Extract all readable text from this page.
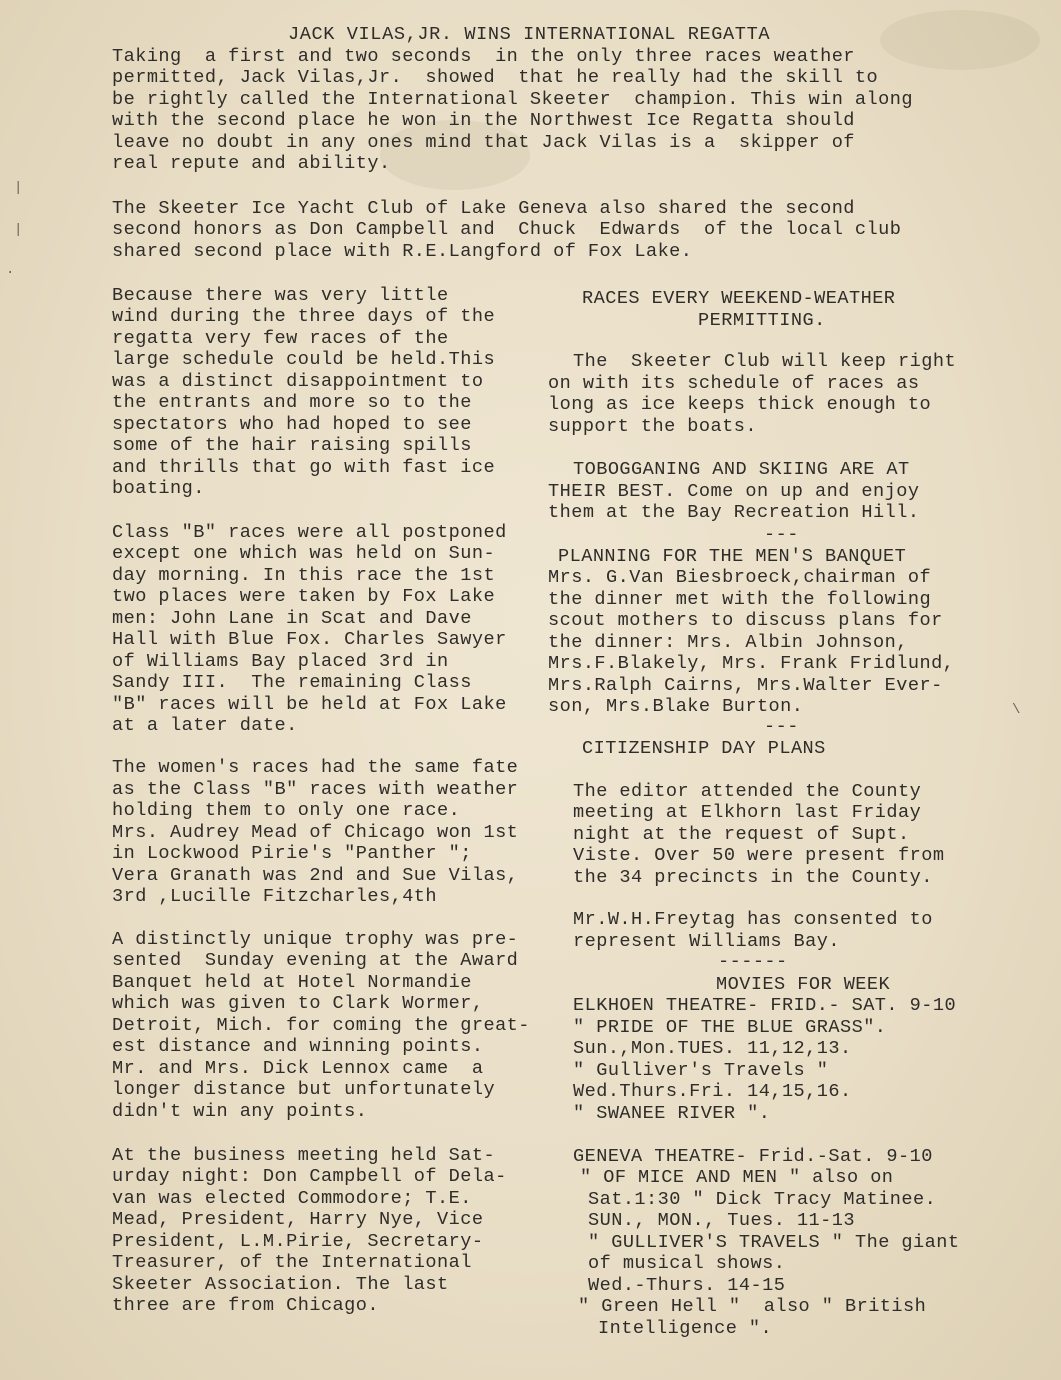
JACK VILAS,JR. WINS INTERNATIONAL REGATTA
Taking  a first and two seconds  in the only three races weather
permitted, Jack Vilas,Jr.  showed  that he really had the skill to
be rightly called the International Skeeter  champion. This win along
with the second place he won in the Northwest Ice Regatta should
leave no doubt in any ones mind that Jack Vilas is a  skipper of
real repute and ability.
The Skeeter Ice Yacht Club of Lake Geneva also shared the second
second honors as Don Campbell and  Chuck  Edwards  of the local club
shared second place with R.E.Langford of Fox Lake.
Because there was very little
wind during the three days of the
regatta very few races of the
large schedule could be held.This
was a distinct disappointment to
the entrants and more so to the
spectators who had hoped to see
some of the hair raising spills
and thrills that go with fast ice
boating.
Class "B" races were all postponed
except one which was held on Sun-
day morning. In this race the 1st
two places were taken by Fox Lake
men: John Lane in Scat and Dave
Hall with Blue Fox. Charles Sawyer
of Williams Bay placed 3rd in
Sandy III.  The remaining Class
"B" races will be held at Fox Lake
at a later date.
The women's races had the same fate
as the Class "B" races with weather
holding them to only one race.
Mrs. Audrey Mead of Chicago won 1st
in Lockwood Pirie's "Panther ";
Vera Granath was 2nd and Sue Vilas,
3rd ,Lucille Fitzcharles,4th
A distinctly unique trophy was pre-
sented  Sunday evening at the Award
Banquet held at Hotel Normandie
which was given to Clark Wormer,
Detroit, Mich. for coming the great-
est distance and winning points.
Mr. and Mrs. Dick Lennox came  a
longer distance but unfortunately
didn't win any points.
At the business meeting held Sat-
urday night: Don Campbell of Dela-
van was elected Commodore; T.E.
Mead, President, Harry Nye, Vice
President, L.M.Pirie, Secretary-
Treasurer, of the International
Skeeter Association. The last
three are from Chicago.
RACES EVERY WEEKEND-WEATHER
PERMITTING.
The  Skeeter Club will keep right
on with its schedule of races as
long as ice keeps thick enough to
support the boats.
TOBOGGANING AND SKIING ARE AT
THEIR BEST. Come on up and enjoy
them at the Bay Recreation Hill.
---
PLANNING FOR THE MEN'S BANQUET
Mrs. G.Van Biesbroeck,chairman of
the dinner met with the following
scout mothers to discuss plans for
the dinner: Mrs. Albin Johnson,
Mrs.F.Blakely, Mrs. Frank Fridlund,
Mrs.Ralph Cairns, Mrs.Walter Ever-
son, Mrs.Blake Burton.
---
CITIZENSHIP DAY PLANS
The editor attended the County
meeting at Elkhorn last Friday
night at the request of Supt.
Viste. Over 50 were present from
the 34 precincts in the County.
Mr.W.H.Freytag has consented to
represent Williams Bay.
------
MOVIES FOR WEEK
ELKHOEN THEATRE- FRID.- SAT. 9-10
" PRIDE OF THE BLUE GRASS".
Sun.,Mon.TUES. 11,12,13.
" Gulliver's Travels "
Wed.Thurs.Fri. 14,15,16.
" SWANEE RIVER ".
GENEVA THEATRE- Frid.-Sat. 9-10
" OF MICE AND MEN " also on
Sat.1:30 " Dick Tracy Matinee.
SUN., MON., Tues. 11-13
" GULLIVER'S TRAVELS " The giant
of musical shows.
Wed.-Thurs. 14-15
" Green Hell "  also " British
Intelligence ".
|
|
.
\
